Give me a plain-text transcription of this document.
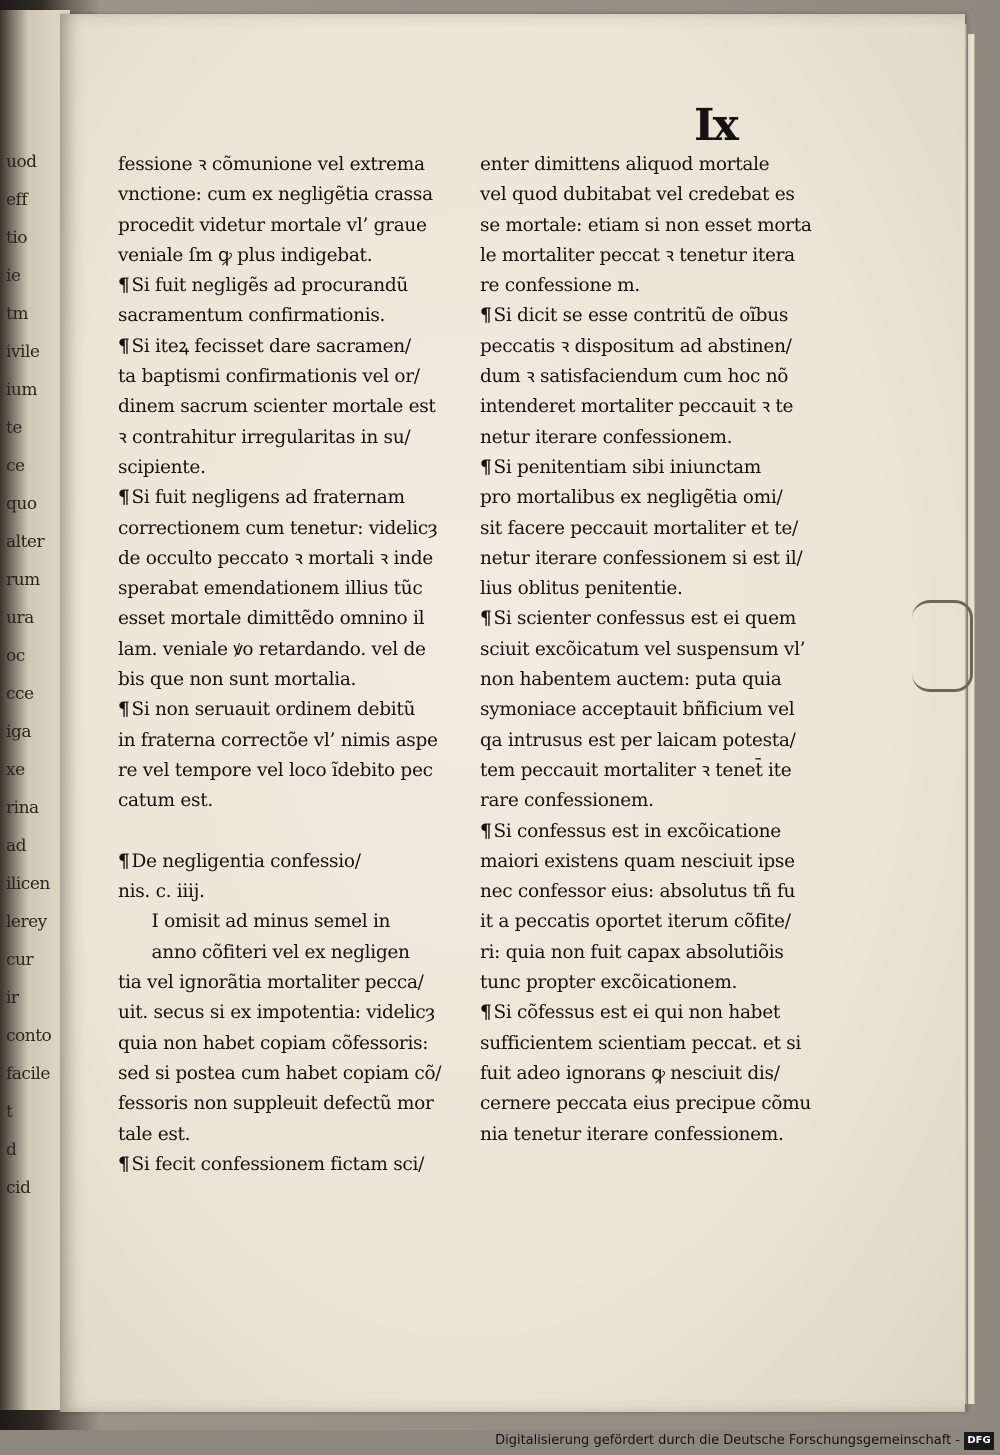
uod
eff
tio
ie
tm
ivile
ium
te
ce
quo
alter
rum
ura
oc
cce
iga
xe
rina
ad
ilicen
lerey
cur
ir
conto
facile
t
d
cid
Ix
fessione ꝛ cõmunione vel extrema
vnctione: cum ex negligẽtia crassa
procedit videtur mortale vl’ graue
veniale ſm ꝙ plus indigebat.
¶ Si fuit negligẽs ad procurandũ
sacramentum confirmationis.
¶ Si iteꝝ fecisset dare sacramen/
ta baptismi confirmationis vel or/
dinem sacrum scienter mortale est
ꝛ contrahitur irregularitas in su/
scipiente.
¶ Si fuit negligens ad fraternam
correctionem cum tenetur: videlicȝ
de occulto peccato ꝛ mortali ꝛ inde
sperabat emendationem illius tũc
esset mortale dimittẽdo omnino il
lam. veniale ꝟo retardando. vel de
bis que non sunt mortalia.
¶ Si non seruauit ordinem debitũ
in fraterna correctõe vl’ nimis aspe
re vel tempore vel loco ĩdebito pec
catum est.
¶ De negligentia confessio/
nis. c. iiij.
I omisit ad minus semel in
anno cõfiteri vel ex negligen
tia vel ignorãtia mortaliter pecca/
uit. secus si ex impotentia: videlicȝ
quia non habet copiam cõfessoris:
sed si postea cum habet copiam cõ/
fessoris non suppleuit defectũ mor
tale est.
¶ Si fecit confessionem fictam sci/
enter dimittens aliquod mortale
vel quod dubitabat vel credebat es
se mortale: etiam si non esset morta
le mortaliter peccat ꝛ tenetur itera
re confessione m.
¶ Si dicit se esse contritũ de oĩbus
peccatis ꝛ dispositum ad abstinen/
dum ꝛ satisfaciendum cum hoc nõ
intenderet mortaliter peccauit ꝛ te
netur iterare confessionem.
¶ Si penitentiam sibi iniunctam
pro mortalibus ex negligẽtia omi/
sit facere peccauit mortaliter et te/
netur iterare confessionem si est il/
lius oblitus penitentie.
¶ Si scienter confessus est ei quem
sciuit excõicatum vel suspensum vl’
non habentem auctem: puta quia
symoniace acceptauit bñficium vel
qa intrusus est per laicam potesta/
tem peccauit mortaliter ꝛ tenet̄ ite
rare confessionem.
¶ Si confessus est in excõicatione
maiori existens quam nesciuit ipse
nec confessor eius: absolutus tñ fu
it a peccatis oportet iterum cõfite/
ri: quia non fuit capax absolutiõis
tunc propter excõicationem.
¶ Si cõfessus est ei qui non habet
sufficientem scientiam peccat. et si
fuit adeo ignorans ꝙ nesciuit dis/
cernere peccata eius precipue cõmu
nia tenetur iterare confessionem.
Digitalisierung gefördert durch die Deutsche Forschungsgemeinschaft - DFG
